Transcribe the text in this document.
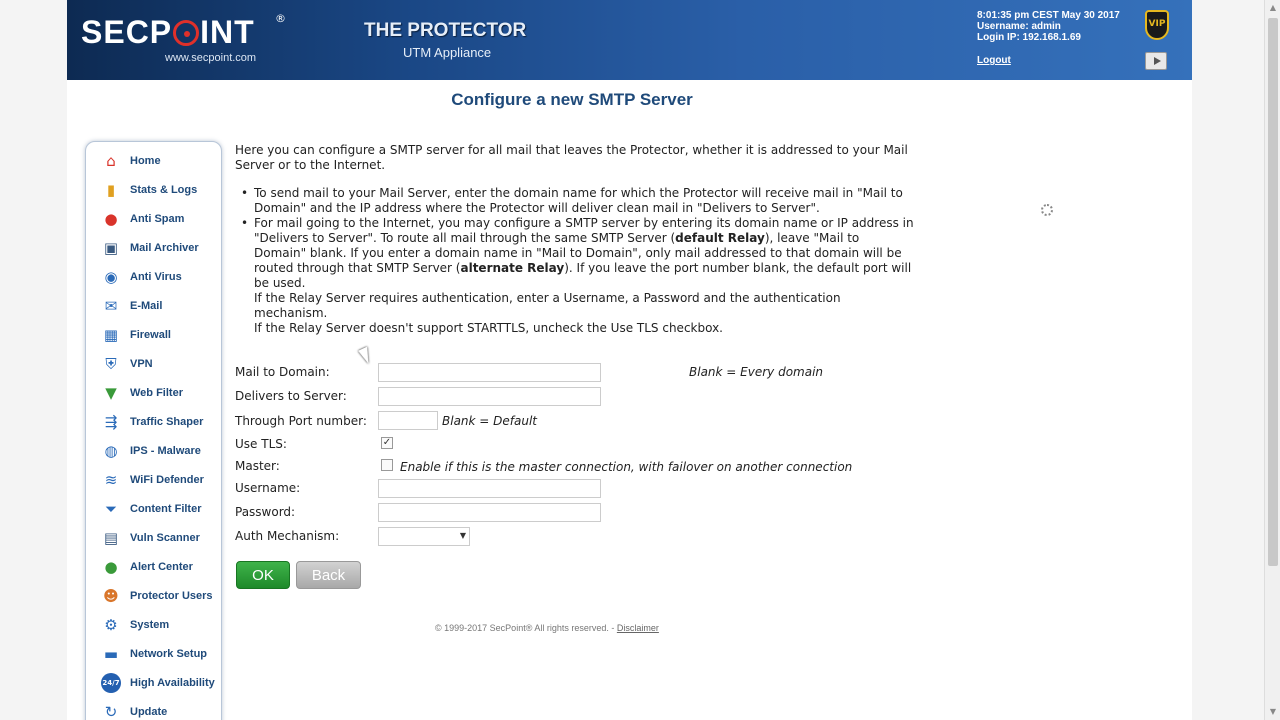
▲
▼
SECP INT ®
www.secpoint.com
THE PROTECTOR
UTM Appliance
8:01:35 pm CEST May 30 2017
Username: admin
Login IP: 192.168.1.69
Logout
VIP
Configure a new SMTP Server
⌂	Home
▮	Stats & Logs
●	Anti Spam
▣	Mail Archiver
◉	Anti Virus
✉	E-Mail
▦	Firewall
⛨	VPN
▼	Web Filter
⇶	Traffic Shaper
◍	IPS - Malware
≋	WiFi Defender
⏷	Content Filter
▤	Vuln Scanner
●	Alert Center
☻ Protector Users
⚙	System
▬	Network Setup
24/7 High Availability
↻	Update

Here you can configure a SMTP server for all mail that leaves the Protector, whether it is addressed to your Mail Server or to the Internet.

• To send mail to your Mail Server, enter the domain name for which the Protector will receive mail in "Mail to Domain" and the IP address where the Protector will deliver clean mail in "Delivers to Server".
• For mail going to the Internet, you may configure a SMTP server by entering its domain name or IP address in "Delivers to Server". To route all mail through the same SMTP Server (default Relay), leave "Mail to Domain" blank. If you enter a domain name in "Mail to Domain", only mail addressed to that domain will be routed through that SMTP Server (alternate Relay). If you leave the port number blank, the default port will be used.
If the Relay Server requires authentication, enter a Username, a Password and the authentication mechanism.
If the Relay Server doesn't support STARTTLS, uncheck the Use TLS checkbox.
Mail to Domain:	Blank = Every domain
Delivers to Server:
Through Port number:	Blank = Default
Use TLS:	✓
Master:	Enable if this is the master connection, with failover on another connection
Username:
Password:
Auth Mechanism:	▼
OK	Back
© 1999-2017 SecPoint® All rights reserved. - Disclaimer
